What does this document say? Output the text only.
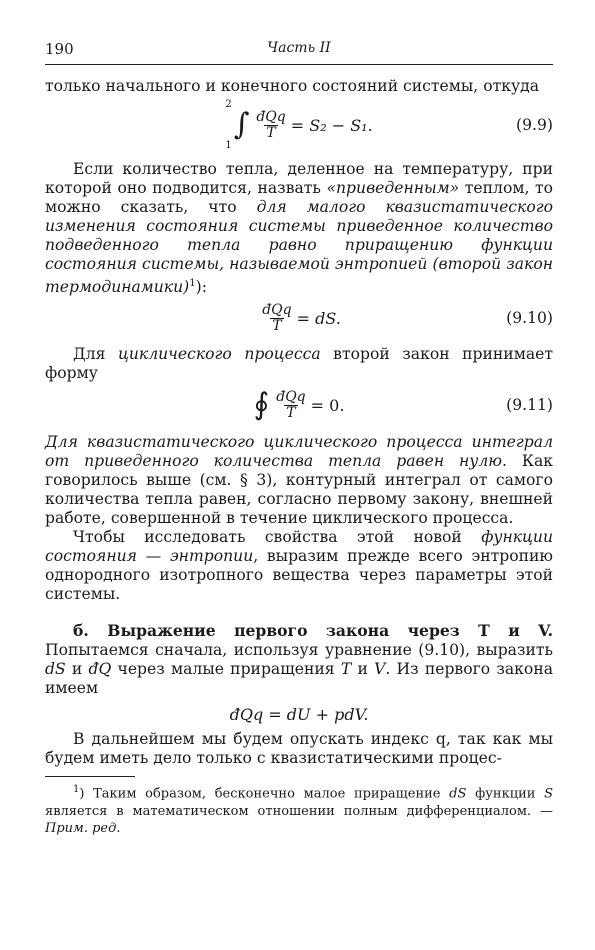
190	Часть II

только начального и конечного состояний системы, откуда

2
1
∫ $\frac{\text{đQq}}{T} = S_2 - S_1$.	(9.9)

Если количество тепла, деленное на температуру, при которой оно подводится, назвать «приведенным» теплом, то можно сказать, что для малого квазистатического изменения состояния системы приведенное количество подведенного тепла равно приращению функции состояния системы, называемой энтропией (второй закон термодинамики)$^1$):

$\frac{\text{đQq}}{T}$ = dS.	(9.10)

Для циклического процесса второй закон принимает форму

∮ $\frac{\text{đQq}}{T} = 0$.	(9.11)

Для квазистатического циклического процесса интеграл от приведенного количества тепла равен нулю. Как говорилось выше (см. § 3), контурный интеграл от самого количества тепла равен, согласно первому закону, внешней работе, совершенной в течение циклического процесса.

Чтобы исследовать свойства этой новой функции состояния — энтропии, выразим прежде всего энтропию однородного изотропного вещества через параметры этой системы.

б. Выражение первого закона через T и V. Попытаемся сначала, используя уравнение (9.10), выразить dS и đQ через малые приращения T и V. Из первого закона имеем

đQq = dU + pdV.

В дальнейшем мы будем опускать индекс q, так как мы будем иметь дело только с квазистатическими процес-

$^1$) Таким образом, бесконечно малое приращение dS функции S является в математическом отношении полным дифференциалом. — Прим. ред.
